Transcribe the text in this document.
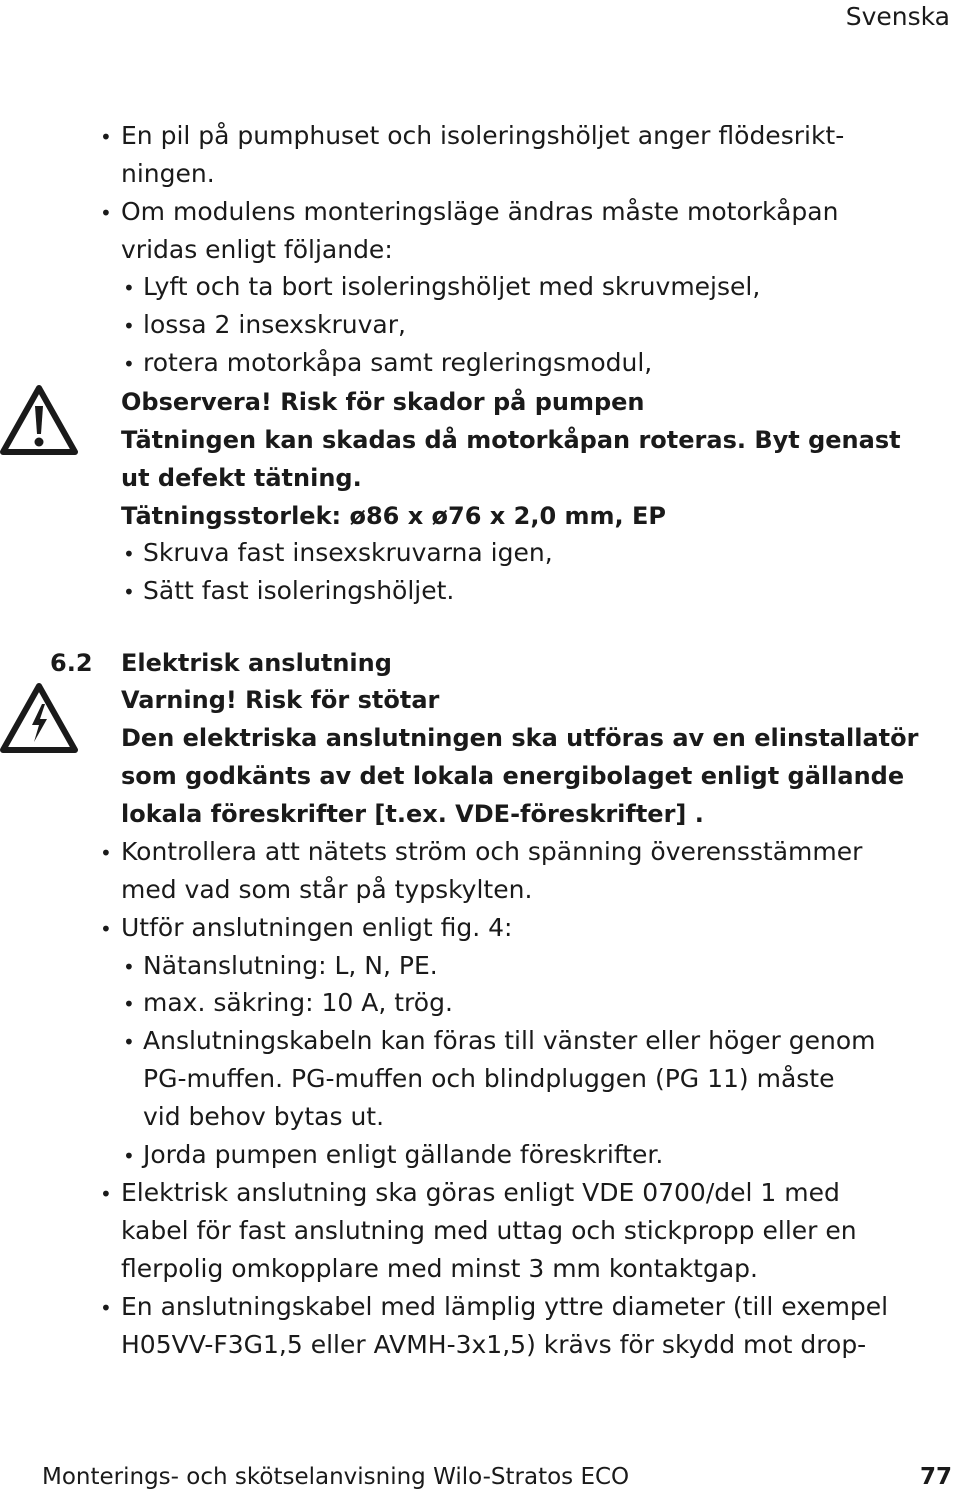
Svenska
• En pil på pumphuset och isoleringshöljet anger flödesrikt-
ningen.
• Om modulens monteringsläge ändras måste motorkåpan
vridas enligt följande:
• Lyft och ta bort isoleringshöljet med skruvmejsel,
• lossa 2 insexskruvar,
• rotera motorkåpa samt regleringsmodul,
Observera! Risk för skador på pumpen
Tätningen kan skadas då motorkåpan roteras. Byt genast
ut defekt tätning.
Tätningsstorlek: ø86 x ø76 x 2,0 mm, EP
• Skruva fast insexskruvarna igen,
• Sätt fast isoleringshöljet.
6.2 Elektrisk anslutning
Varning! Risk för stötar
Den elektriska anslutningen ska utföras av en elinstallatör
som godkänts av det lokala energibolaget enligt gällande
lokala föreskrifter [t.ex. VDE-föreskrifter] .
• Kontrollera att nätets ström och spänning överensstämmer
med vad som står på typskylten.
• Utför anslutningen enligt fig. 4:
• Nätanslutning: L, N, PE.
• max. säkring: 10 A, trög.
• Anslutningskabeln kan föras till vänster eller höger genom
PG-muffen. PG-muffen och blindpluggen (PG 11) måste
vid behov bytas ut.
• Jorda pumpen enligt gällande föreskrifter.
• Elektrisk anslutning ska göras enligt VDE 0700/del 1 med
kabel för fast anslutning med uttag och stickpropp eller en
flerpolig omkopplare med minst 3 mm kontaktgap.
• En anslutningskabel med lämplig yttre diameter (till exempel
H05VV-F3G1,5 eller AVMH-3x1,5) krävs för skydd mot drop-
Monterings- och skötselanvisning Wilo-Stratos ECO	77
